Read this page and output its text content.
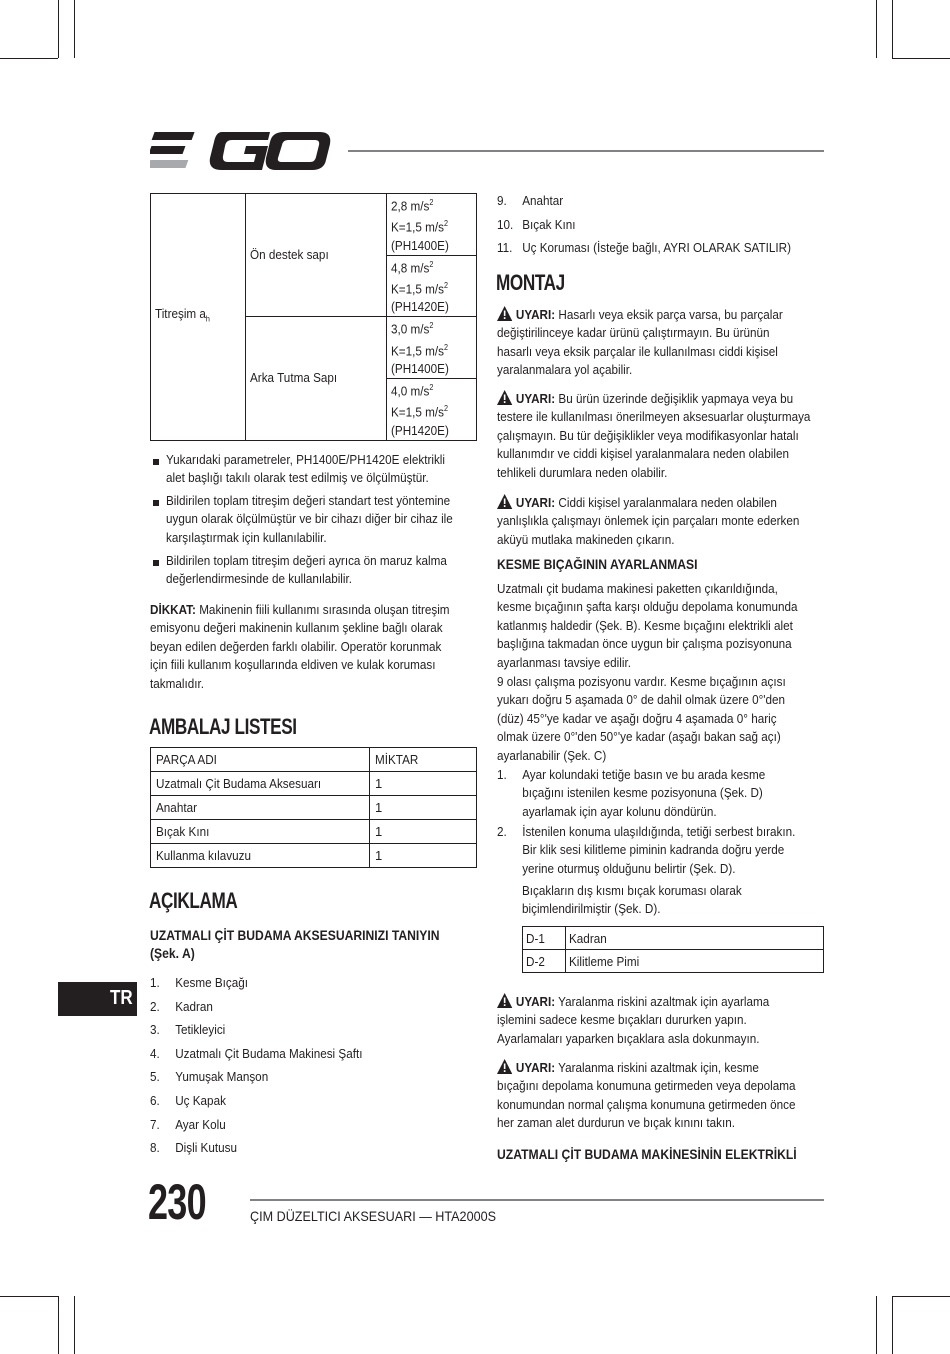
Titreşim $a_h$	Ön destek sapı	2,8 $m/s^2$
K=1,5 $m/s^2$
(PH1400E)

		4,8 $m/s^2$
K=1,5 $m/s^2$
(PH1420E)

	Arka Tutma Sapı	3,0 $m/s^2$
K=1,5 $m/s^2$
(PH1400E)

		4,0 $m/s^2$
K=1,5 $m/s^2$
(PH1420E)
Yukarıdaki parametreler, PH1400E/PH1420E elektrikli
alet başlığı takılı olarak test edilmiş ve ölçülmüştür.
Bildirilen toplam titreşim değeri standart test yöntemine
uygun olarak ölçülmüştür ve bir cihazı diğer bir cihaz ile
karşılaştırmak için kullanılabilir.
Bildirilen toplam titreşim değeri ayrıca ön maruz kalma
değerlendirmesinde de kullanılabilir.
DİKKAT: Makinenin fiili kullanımı sırasında oluşan titreşim
emisyonu değeri makinenin kullanım şekline bağlı olarak
beyan edilen değerden farklı olabilir. Operatör korunmak
için fiili kullanım koşullarında eldiven ve kulak koruması
takmalıdır.
AMBALAJ LISTESI
PARÇA ADI	MİKTAR
Uzatmalı Çit Budama Aksesuarı	1
Anahtar	1
Bıçak Kını	1
Kullanma kılavuzu	1
AÇIKLAMA
UZATMALI ÇİT BUDAMA AKSESUARINIZI TANIYIN
(Şek. A)
1. Kesme Bıçağı
2. Kadran
3. Tetikleyici
4. Uzatmalı Çit Budama Makinesi Şaftı
5. Yumuşak Manşon
6. Uç Kapak
7. Ayar Kolu
8. Dişli Kutusu
TR
9. Anahtar
10. Bıçak Kını
11. Uç Koruması (İsteğe bağlı, AYRI OLARAK SATILIR)
MONTAJ
UYARI: Hasarlı veya eksik parça varsa, bu parçalar
değiştirilinceye kadar ürünü çalıştırmayın. Bu ürünün
hasarlı veya eksik parçalar ile kullanılması ciddi kişisel
yaralanmalara yol açabilir.
UYARI: Bu ürün üzerinde değişiklik yapmaya veya bu
testere ile kullanılması önerilmeyen aksesuarlar oluşturmaya
çalışmayın. Bu tür değişiklikler veya modifikasyonlar hatalı
kullanımdır ve ciddi kişisel yaralanmalara neden olabilen
tehlikeli durumlara neden olabilir.
UYARI: Ciddi kişisel yaralanmalara neden olabilen
yanlışlıkla çalışmayı önlemek için parçaları monte ederken
aküyü mutlaka makineden çıkarın.
KESME BIÇAĞININ AYARLANMASI
Uzatmalı çit budama makinesi paketten çıkarıldığında,
kesme bıçağının şafta karşı olduğu depolama konumunda
katlanmış haldedir (Şek. B). Kesme bıçağını elektrikli alet
başlığına takmadan önce uygun bir çalışma pozisyonuna
ayarlanması tavsiye edilir.
9 olası çalışma pozisyonu vardır. Kesme bıçağının açısı
yukarı doğru 5 aşamada 0° de dahil olmak üzere 0°'den
(düz) 45°'ye kadar ve aşağı doğru 4 aşamada 0° hariç
olmak üzere 0°'den 50°'ye kadar (aşağı bakan sağ açı)
ayarlanabilir (Şek. C)
1. Ayar kolundaki tetiğe basın ve bu arada kesme
bıçağını istenilen kesme pozisyonuna (Şek. D)
ayarlamak için ayar kolunu döndürün.
2. İstenilen konuma ulaşıldığında, tetiği serbest bırakın.
Bir klik sesi kilitleme piminin kadranda doğru yerde
yerine oturmuş olduğunu belirtir (Şek. D).
Bıçakların dış kısmı bıçak koruması olarak
biçimlendirilmiştir (Şek. D).
D-1	Kadran
D-2	Kilitleme Pimi
UYARI: Yaralanma riskini azaltmak için ayarlama
işlemini sadece kesme bıçakları dururken yapın.
Ayarlamaları yaparken bıçaklara asla dokunmayın.
UYARI: Yaralanma riskini azaltmak için, kesme
bıçağını depolama konumuna getirmeden veya depolama
konumundan normal çalışma konumuna getirmeden önce
her zaman alet durdurun ve bıçak kınını takın.
UZATMALI ÇİT BUDAMA MAKİNESİNİN ELEKTRİKLİ
230	ÇIM DÜZELTICI AKSESUARI — HTA2000S
